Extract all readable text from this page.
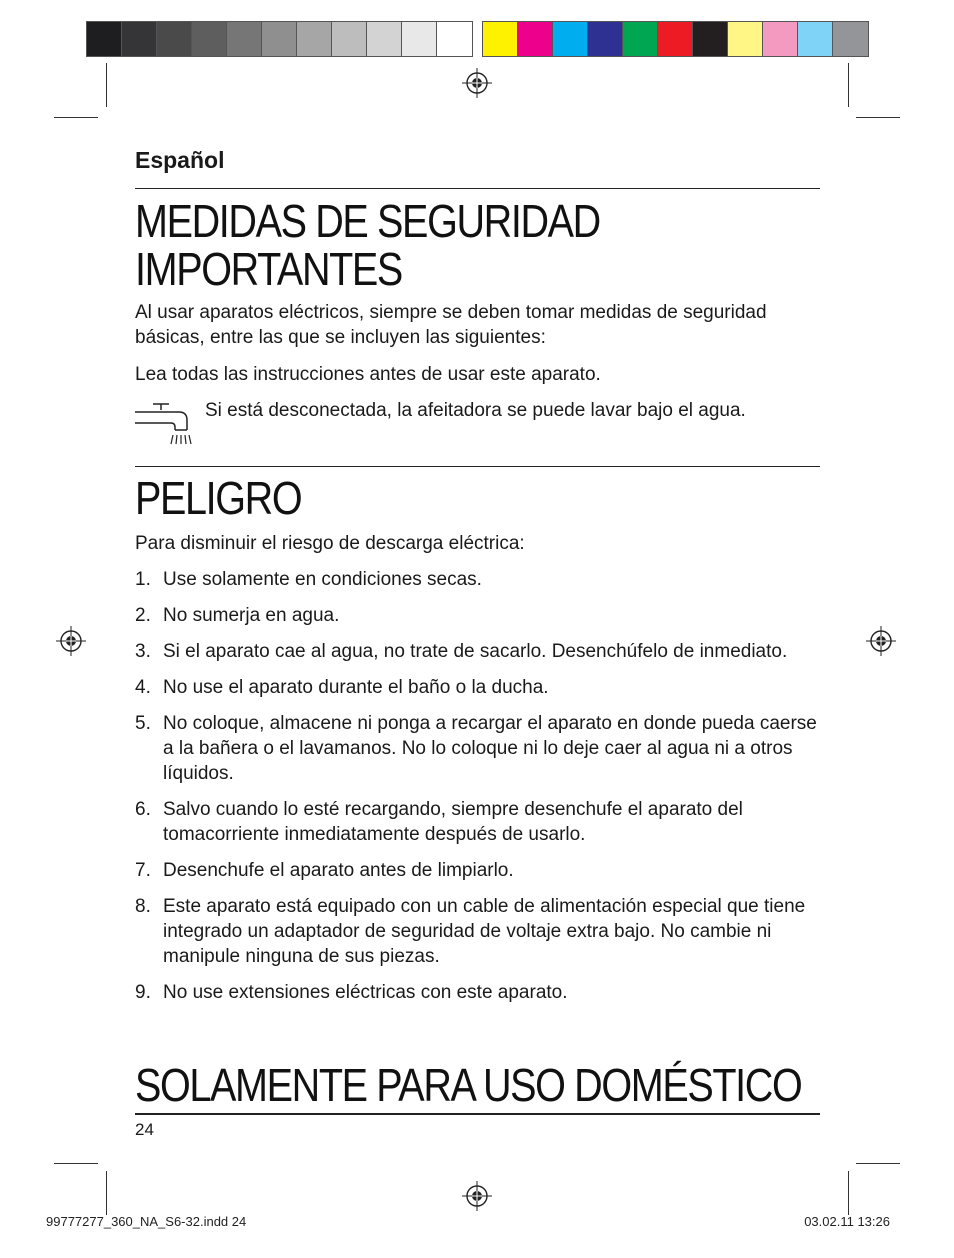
Español
MEDIDAS DE SEGURIDAD
IMPORTANTES
Al usar aparatos eléctricos, siempre se deben tomar medidas de seguridad básicas, entre las que se incluyen las siguientes:
Lea todas las instrucciones antes de usar este aparato.
Si está desconectada, la afeitadora se puede lavar bajo el agua.
PELIGRO
Para disminuir el riesgo de descarga eléctrica:
1. Use solamente en condiciones secas.
2. No sumerja en agua.
3. Si el aparato cae al agua, no trate de sacarlo. Desenchúfelo de inmediato.
4. No use el aparato durante el baño o la ducha.
5. No coloque, almacene ni ponga a recargar el aparato en donde pueda caerse a la bañera o el lavamanos. No lo coloque ni lo deje caer al agua ni a otros líquidos.
6. Salvo cuando lo esté recargando, siempre desenchufe el aparato del tomacorriente inmediatamente después de usarlo.
7. Desenchufe el aparato antes de limpiarlo.
8. Este aparato está equipado con un cable de alimentación especial que tiene integrado un adaptador de seguridad de voltaje extra bajo. No cambie ni manipule ninguna de sus piezas.
9. No use extensiones eléctricas con este aparato.
SOLAMENTE PARA USO DOMÉSTICO
24
99777277_360_NA_S6-32.indd 24	03.02.11 13:26
